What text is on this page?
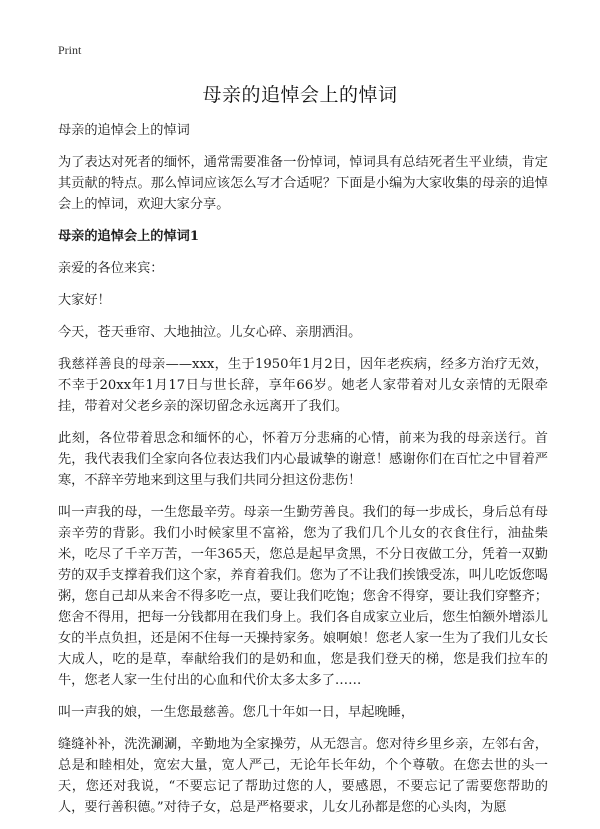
Print
母亲的追悼会上的悼词

母亲的追悼会上的悼词

为了表达对死者的缅怀，通常需要准备一份悼词，悼词具有总结死者生平业绩，肯定其贡献的特点。那么悼词应该怎么写才合适呢？下面是小编为大家收集的母亲的追悼会上的悼词，欢迎大家分享。

母亲的追悼会上的悼词1

亲爱的各位来宾：

大家好！

今天，苍天垂帘、大地抽泣。儿女心碎、亲朋洒泪。

我慈祥善良的母亲——xxx，生于1950年1月2日，因年老疾病，经多方治疗无效，不幸于20xx年1月17日与世长辞，享年66岁。她老人家带着对儿女亲情的无限牵挂，带着对父老乡亲的深切留念永远离开了我们。

此刻，各位带着思念和缅怀的心，怀着万分悲痛的心情，前来为我的母亲送行。首先，我代表我们全家向各位表达我们内心最诚挚的谢意！感谢你们在百忙之中冒着严寒，不辞辛劳地来到这里与我们共同分担这份悲伤！

叫一声我的母，一生您最辛劳。母亲一生勤劳善良。我们的每一步成长，身后总有母亲辛劳的背影。我们小时候家里不富裕，您为了我们几个儿女的衣食住行，油盐柴米，吃尽了千辛万苦，一年365天，您总是起早贪黑，不分日夜做工分，凭着一双勤劳的双手支撑着我们这个家，养育着我们。您为了不让我们挨饿受冻，叫儿吃饭您喝粥，您自己却从来舍不得多吃一点，要让我们吃饱；您舍不得穿，要让我们穿整齐；您舍不得用，把每一分钱都用在我们身上。我们各自成家立业后，您生怕额外增添儿女的半点负担，还是闲不住每一天操持家务。娘啊娘！您老人家一生为了我们儿女长大成人，吃的是草，奉献给我们的是奶和血，您是我们登天的梯，您是我们拉车的牛，您老人家一生付出的心血和代价太多太多了……

叫一声我的娘，一生您最慈善。您几十年如一日，早起晚睡，

缝缝补补，洗洗涮涮，辛勤地为全家操劳，从无怨言。您对待乡里乡亲，左邻右舍，总是和睦相处，宽宏大量，宽人严己，无论年长年幼，个个尊敬。在您去世的头一天，您还对我说，“不要忘记了帮助过您的人，要感恩，不要忘记了需要您帮助的人，要行善积德。”对待子女，总是严格要求，儿女儿孙都是您的心头肉，为愿
